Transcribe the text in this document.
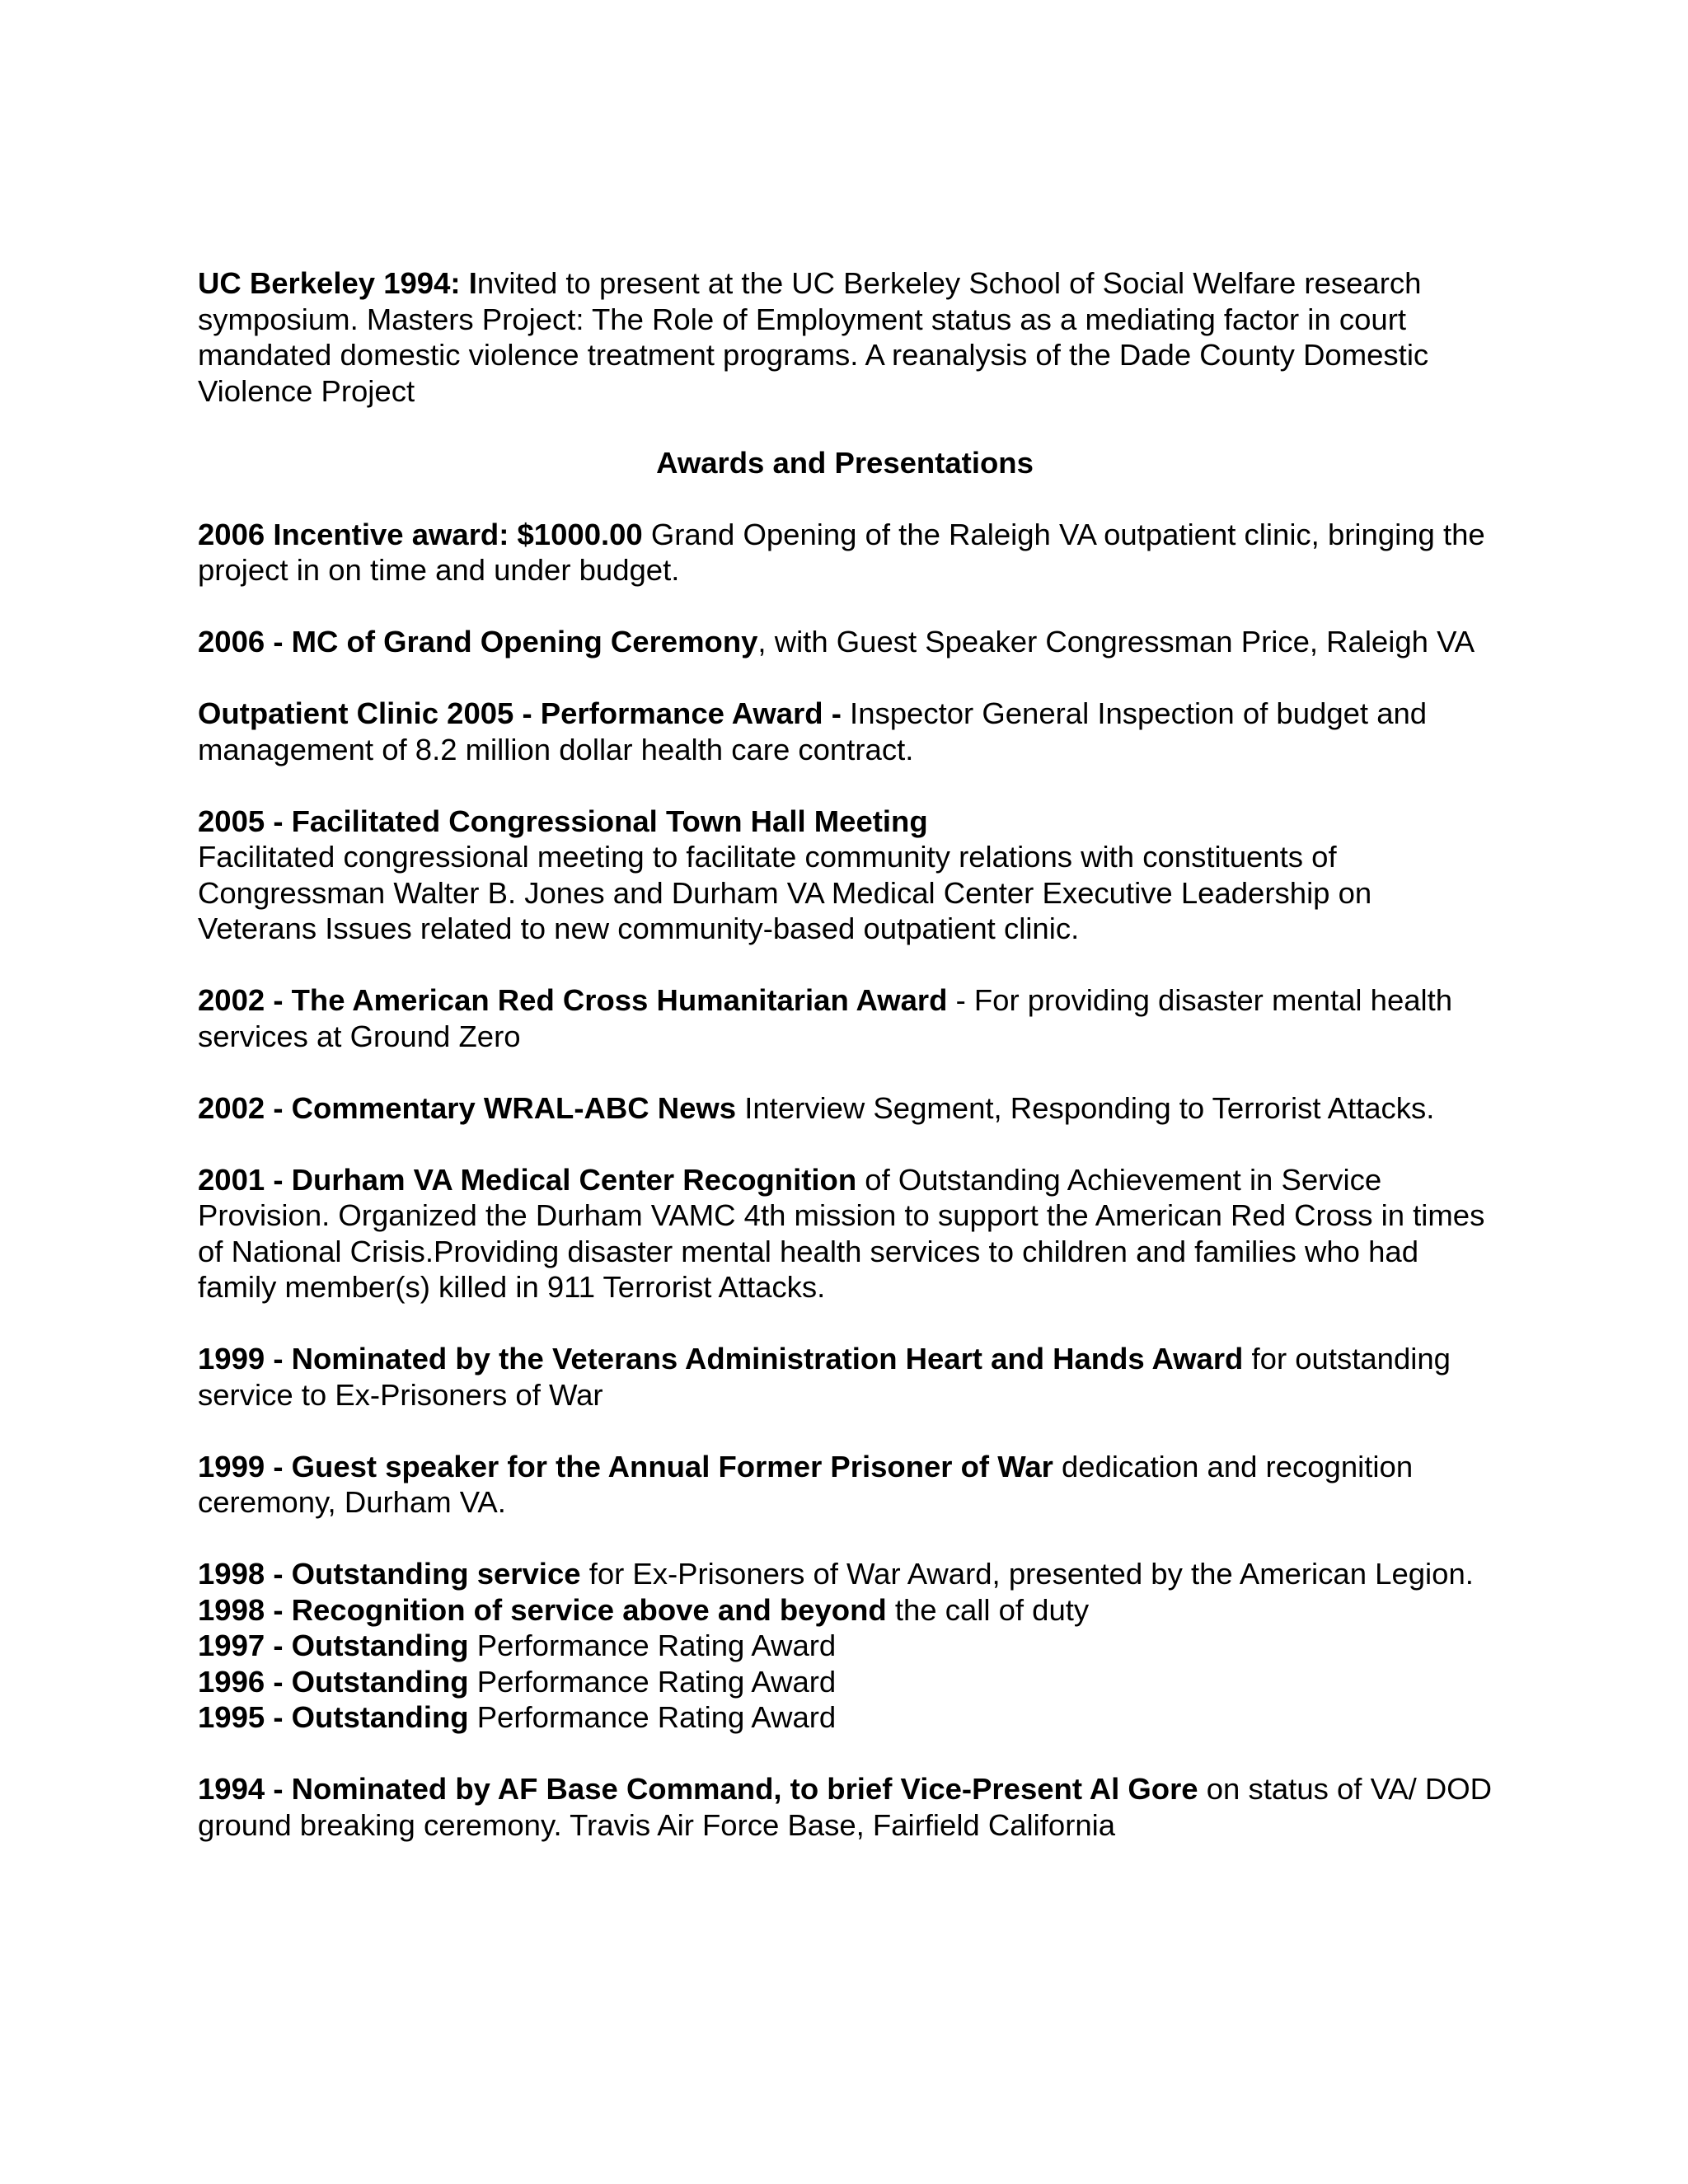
UC Berkeley 1994: Invited to present at the UC Berkeley School of Social Welfare research symposium. Masters Project: The Role of Employment status as a mediating factor in court mandated domestic violence treatment programs. A reanalysis of the Dade County Domestic Violence Project

Awards and Presentations

2006 Incentive award: $1000.00 Grand Opening of the Raleigh VA outpatient clinic, bringing the project in on time and under budget.

2006 - MC of Grand Opening Ceremony, with Guest Speaker Congressman Price, Raleigh VA

Outpatient Clinic 2005 - Performance Award - Inspector General Inspection of budget and management of 8.2 million dollar health care contract.

2005 - Facilitated Congressional Town Hall Meeting
Facilitated congressional meeting to facilitate community relations with constituents of Congressman Walter B. Jones and Durham VA Medical Center Executive Leadership on Veterans Issues related to new community-based outpatient clinic.

2002 - The American Red Cross Humanitarian Award - For providing disaster mental health services at Ground Zero

2002 - Commentary WRAL-ABC News Interview Segment, Responding to Terrorist Attacks.

2001 - Durham VA Medical Center Recognition of Outstanding Achievement in Service Provision. Organized the Durham VAMC 4th mission to support the American Red Cross in times of National Crisis.Providing disaster mental health services to children and families who had family member(s) killed in 911 Terrorist Attacks.

1999 - Nominated by the Veterans Administration Heart and Hands Award for outstanding service to Ex-Prisoners of War

1999 - Guest speaker for the Annual Former Prisoner of War dedication and recognition ceremony, Durham VA.

1998 - Outstanding service for Ex-Prisoners of War Award, presented by the American Legion.

1998 - Recognition of service above and beyond the call of duty

1997 - Outstanding Performance Rating Award

1996 - Outstanding Performance Rating Award

1995 - Outstanding Performance Rating Award

1994 - Nominated by AF Base Command, to brief Vice-Present Al Gore on status of VA/ DOD ground breaking ceremony. Travis Air Force Base, Fairfield California
